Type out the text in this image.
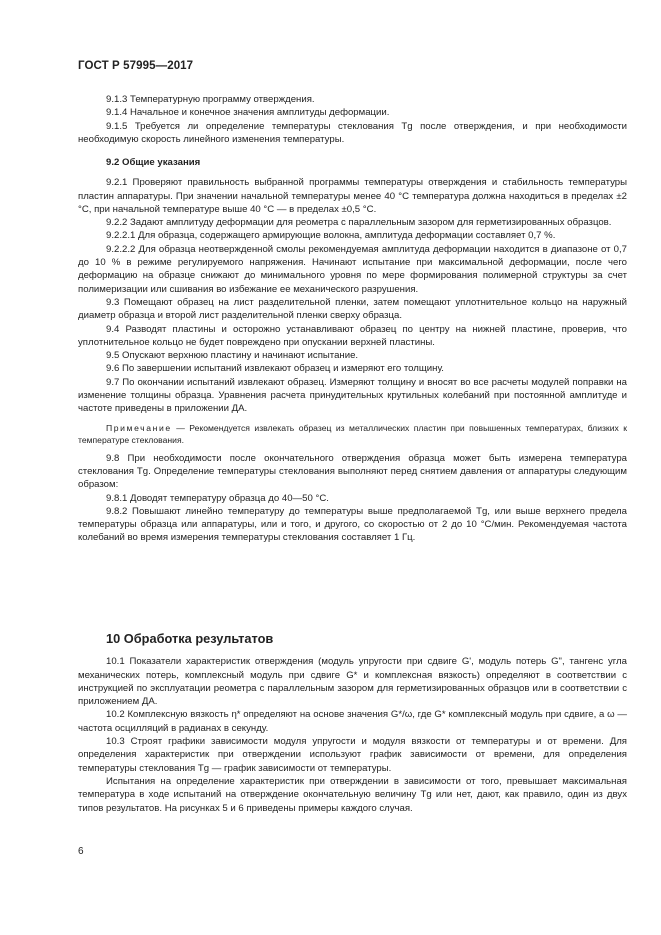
ГОСТ Р 57995—2017

9.1.3 Температурную программу отверждения.

9.1.4 Начальное и конечное значения амплитуды деформации.

9.1.5 Требуется ли определение температуры стеклования Tg после отверждения, и при необходимости необходимую скорость линейного изменения температуры.

9.2 Общие указания

9.2.1 Проверяют правильность выбранной программы температуры отверждения и стабильность температуры пластин аппаратуры. При значении начальной температуры менее 40 °С температура должна находиться в пределах ±2 °С, при начальной температуре выше 40 °С — в пределах ±0,5 °С.

9.2.2 Задают амплитуду деформации для реометра с параллельным зазором для герметизированных образцов.

9.2.2.1 Для образца, содержащего армирующие волокна, амплитуда деформации составляет 0,7 %.

9.2.2.2 Для образца неотвержденной смолы рекомендуемая амплитуда деформации находится в диапазоне от 0,7 до 10 % в режиме регулируемого напряжения. Начинают испытание при максимальной деформации, после чего деформацию на образце снижают до минимального уровня по мере формирования полимерной структуры за счет полимеризации или сшивания во избежание ее механического разрушения.

9.3 Помещают образец на лист разделительной пленки, затем помещают уплотнительное кольцо на наружный диаметр образца и второй лист разделительной пленки сверху образца.

9.4 Разводят пластины и осторожно устанавливают образец по центру на нижней пластине, проверив, что уплотнительное кольцо не будет повреждено при опускании верхней пластины.

9.5 Опускают верхнюю пластину и начинают испытание.

9.6 По завершении испытаний извлекают образец и измеряют его толщину.

9.7 По окончании испытаний извлекают образец. Измеряют толщину и вносят во все расчеты модулей поправки на изменение толщины образца. Уравнения расчета принудительных крутильных колебаний при постоянной амплитуде и частоте приведены в приложении ДА.

Примечание — Рекомендуется извлекать образец из металлических пластин при повышенных температурах, близких к температуре стеклования.

9.8 При необходимости после окончательного отверждения образца может быть измерена температура стеклования Tg. Определение температуры стеклования выполняют перед снятием давления от аппаратуры следующим образом:

9.8.1 Доводят температуру образца до 40—50 °С.

9.8.2 Повышают линейно температуру до температуры выше предполагаемой Tg, или выше верхнего предела температуры образца или аппаратуры, или и того, и другого, со скоростью от 2 до 10 °С/мин. Рекомендуемая частота колебаний во время измерения температуры стеклования составляет 1 Гц.

10 Обработка результатов

10.1 Показатели характеристик отверждения (модуль упругости при сдвиге G', модуль потерь G", тангенс угла механических потерь, комплексный модуль при сдвиге G* и комплексная вязкость) определяют в соответствии с инструкцией по эксплуатации реометра с параллельным зазором для герметизированных образцов или в соответствии с приложением ДА.

10.2 Комплексную вязкость η* определяют на основе значения G*/ω, где G* комплексный модуль при сдвиге, а ω — частота осцилляций в радианах в секунду.

10.3 Строят графики зависимости модуля упругости и модуля вязкости от температуры и от времени. Для определения характеристик при отверждении используют график зависимости от времени, для определения температуры стеклования Tg — график зависимости от температуры.

Испытания на определение характеристик при отверждении в зависимости от того, превышает максимальная температура в ходе испытаний на отверждение окончательную величину Tg или нет, дают, как правило, один из двух типов результатов. На рисунках 5 и 6 приведены примеры каждого случая.

6
